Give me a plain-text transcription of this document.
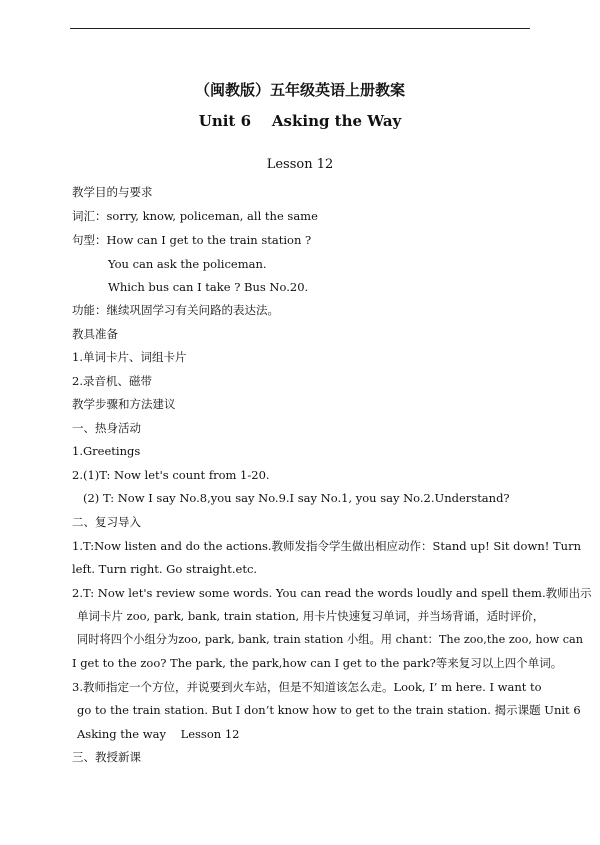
（闽教版）五年级英语上册教案
Unit 6    Asking the Way
Lesson 12
教学目的与要求
词汇：sorry, know, policeman, all the same
句型：How can I get to the train station ?
You can ask the policeman.
Which bus can I take ? Bus No.20.
功能：继续巩固学习有关问路的表达法。
教具准备
1.单词卡片、词组卡片
2.录音机、磁带
教学步骤和方法建议
一、热身活动
1.Greetings
2.(1)T: Now let's count from 1-20.
(2) T: Now I say No.8,you say No.9.I say No.1, you say No.2.Understand?
二、复习导入
1.T:Now listen and do the actions.教师发指令学生做出相应动作：Stand up! Sit down! Turn
left. Turn right. Go straight.etc.
2.T: Now let's review some words. You can read the words loudly and spell them.教师出示
单词卡片 zoo, park, bank, train station, 用卡片快速复习单词，并当场背诵，适时评价，
同时将四个小组分为zoo, park, bank, train station 小组。用 chant：The zoo,the zoo, how can
I get to the zoo? The park, the park,how can I get to the park?等来复习以上四个单词。
3.教师指定一个方位，并说要到火车站，但是不知道该怎么走。Look, I’ m here. I want to
go to the train station. But I don’t know how to get to the train station. 揭示课题 Unit 6
Asking the way    Lesson 12
三、教授新课
